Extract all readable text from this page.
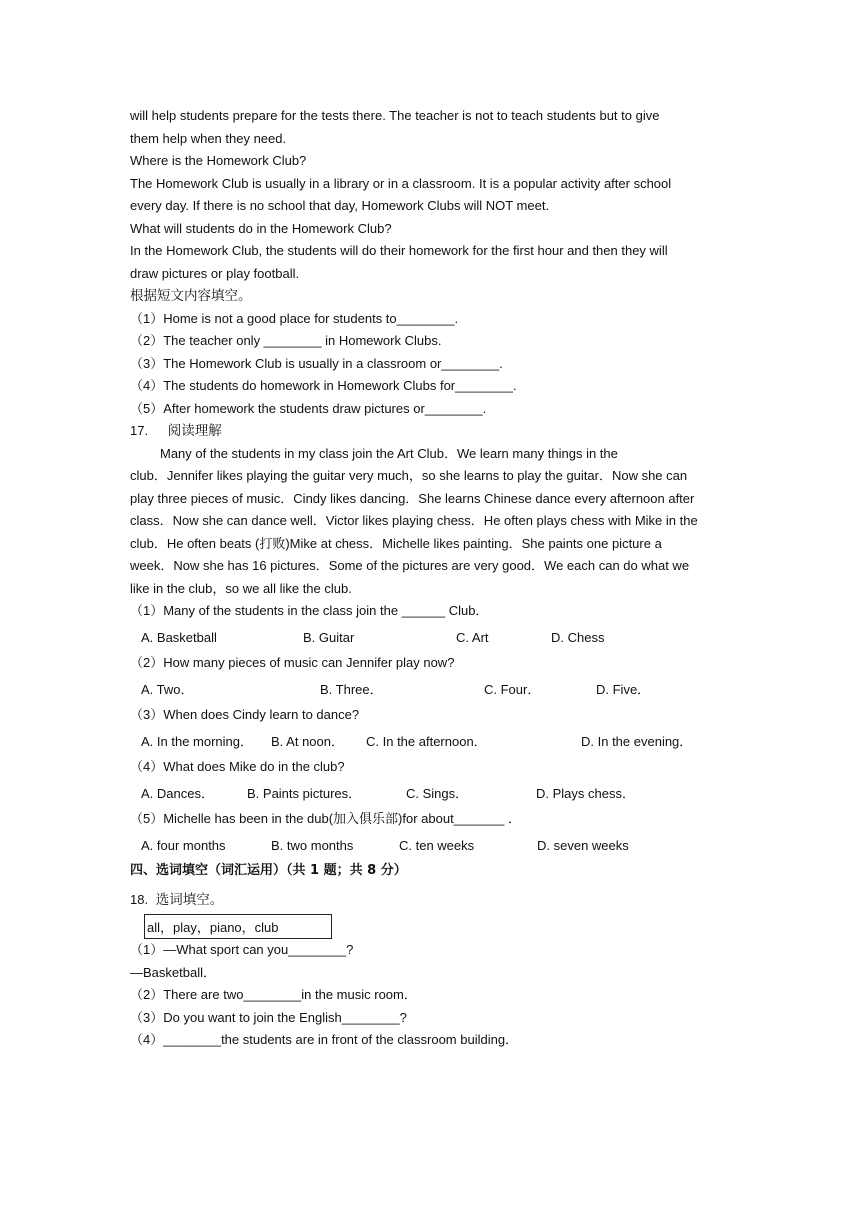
will help students prepare for the tests there. The teacher is not to teach students but to give
them help when they need.
Where is the Homework Club?
The Homework Club is usually in a library or in a classroom. It is a popular activity after school
every day. If there is no school that day, Homework Clubs will NOT meet.
What will students do in the Homework Club?
In the Homework Club, the students will do their homework for the first hour and then they will
draw pictures or play football.
根据短文内容填空。
（1）Home is not a good place for students to________.
（2）The teacher only ________ in Homework Clubs.
（3）The Homework Club is usually in a classroom or________.
（4）The students do homework in Homework Clubs for________.
（5）After homework the students draw pictures or________.
17. 阅读理解
Many of the students in my class join the Art Club．We learn many things in the
club．Jennifer likes playing the guitar very much，so she learns to play the guitar．Now she can
play three pieces of music．Cindy likes dancing．She learns Chinese dance every afternoon after
class．Now she can dance well．Victor likes playing chess．He often plays chess with Mike in the
club．He often beats (打败)Mike at chess．Michelle likes painting．She paints one picture a
week．Now she has 16 pictures．Some of the pictures are very good．We each can do what we
like in the club，so we all like the club.
（1）Many of the students in the class join the ______ Club．
A. Basketball	B. Guitar	C. Art	D. Chess
（2）How many pieces of music can Jennifer play now?
A. Two．	B. Three．	C. Four．	D. Five．
（3）When does Cindy learn to dance?
A. In the morning． B. At noon． C. In the afternoon．	D. In the evening．
（4）What does Mike do in the club?
A. Dances．	B. Paints pictures．	C. Sings．	D. Plays chess．
（5）Michelle has been in the dub(加入俱乐部)for about_______ ．
A. four months	B. two months	C. ten weeks	D. seven weeks
四、选词填空（词汇运用）（共 1 题；共 8 分）
18. 选词填空。
all，play，piano，club
（1）—What sport can you________?
—Basketball．
（2）There are two________in the music room．
（3）Do you want to join the English________?
（4）________the students are in front of the classroom building．
